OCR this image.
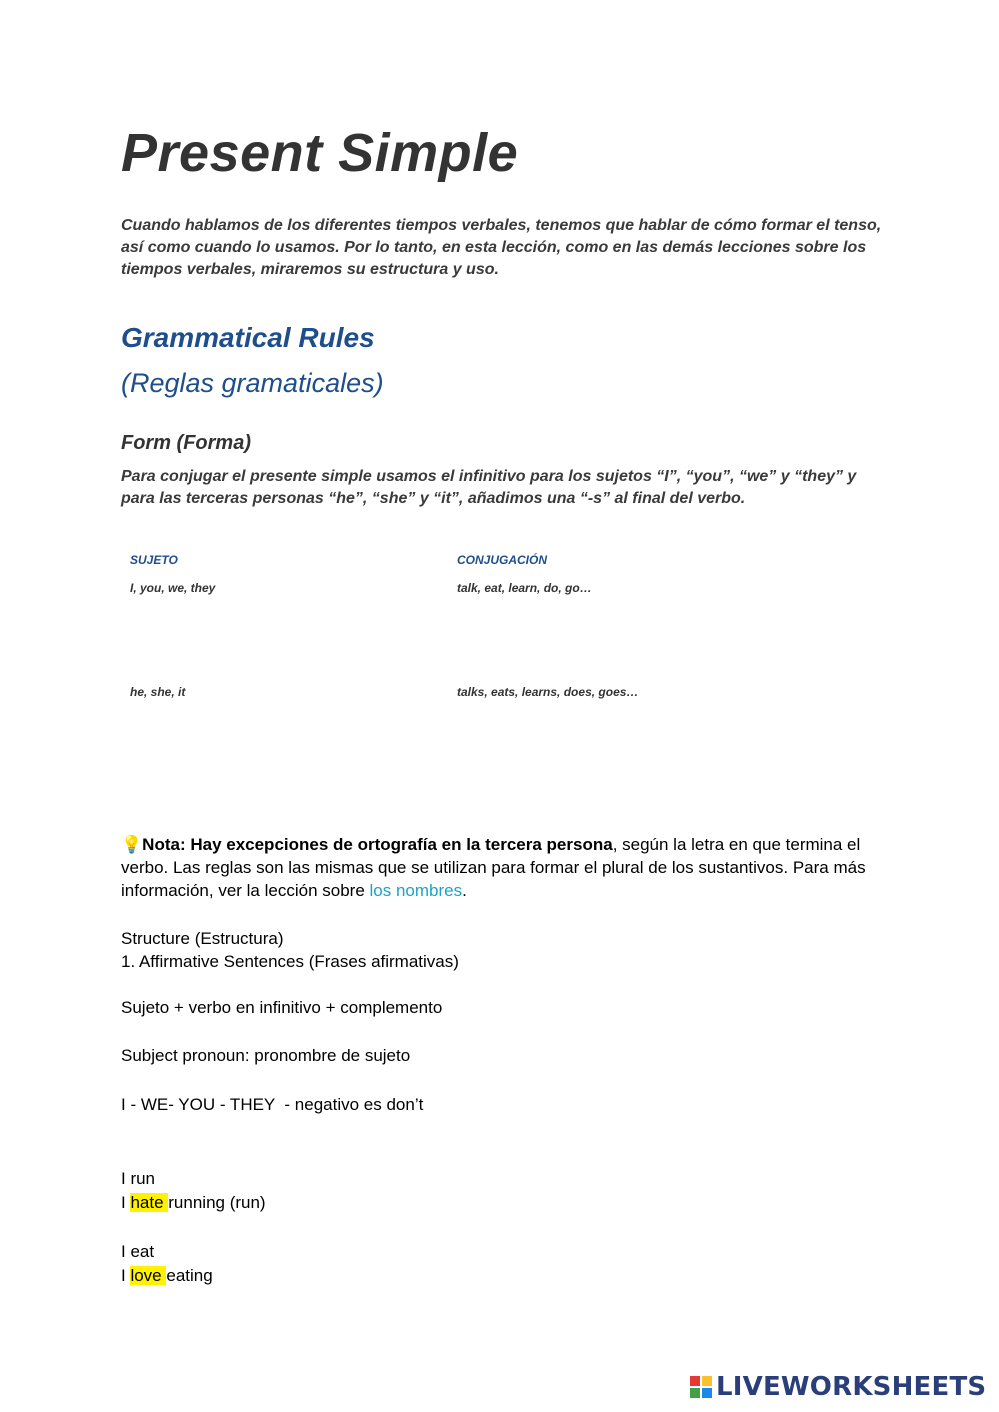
Present Simple
Cuando hablamos de los diferentes tiempos verbales, tenemos que hablar de cómo formar el tenso, así como cuando lo usamos. Por lo tanto, en esta lección, como en las demás lecciones sobre los tiempos verbales, miraremos su estructura y uso.
Grammatical Rules
(Reglas gramaticales)
Form (Forma)
Para conjugar el presente simple usamos el infinitivo para los sujetos “I”, “you”, “we” y “they” y para las terceras personas “he”, “she” y “it”, añadimos una “-s” al final del verbo.
SUJETO	CONJUGACIÓN
I, you, we, they	talk, eat, learn, do, go…
he, she, it	talks, eats, learns, does, goes…
💡Nota: Hay excepciones de ortografía en la tercera persona, según la letra en que termina el verbo. Las reglas son las mismas que se utilizan para formar el plural de los sustantivos. Para más información, ver la lección sobre los nombres.
Structure (Estructura)
1. Affirmative Sentences (Frases afirmativas)
Sujeto + verbo en infinitivo + complemento
Subject pronoun: pronombre de sujeto
I - WE- YOU - THEY  - negativo es don’t
I run
I hate running (run)
I eat
I love eating
LIVEWORKSHEETS
